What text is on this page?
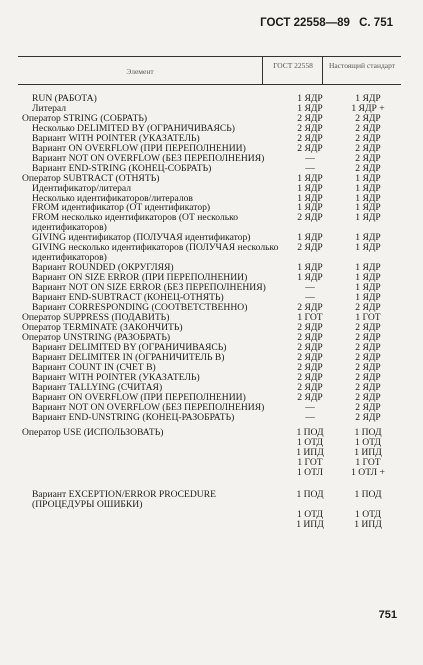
ГОСТ 22558—89 С. 751
Элемент
ГОСТ 22558	Настоящий стандарт
RUN (РАБОТА)	1 ЯДР	1 ЯДР
Литерал	1 ЯДР	1 ЯДР +
Оператор STRING (СОБРАТЬ)	2 ЯДР	2 ЯДР
Несколько DELIMITED BY (ОГРАНИЧИВАЯСЬ)	2 ЯДР	2 ЯДР
Вариант WITH POINTER (УКАЗАТЕЛЬ)	2 ЯДР	2 ЯДР
Вариант ON OVERFLOW (ПРИ ПЕРЕПОЛНЕНИИ)	2 ЯДР	2 ЯДР
Вариант NOT ON OVERFLOW (БЕЗ ПЕРЕПОЛНЕНИЯ)	—	2 ЯДР
Вариант END-STRING (КОНЕЦ-СОБРАТЬ)	—	2 ЯДР
Оператор SUBTRACT (ОТНЯТЬ)	1 ЯДР	1 ЯДР
Идентификатор/литерал	1 ЯДР	1 ЯДР
Несколько идентификаторов/литералов	1 ЯДР	1 ЯДР
FROM идентификатор (ОТ идентификатор)	1 ЯДР	1 ЯДР
FROM несколько идентификаторов (ОТ несколько идентификаторов)
2 ЯДР	1 ЯДР
GIVING идентификатор (ПОЛУЧАЯ идентификатор)	1 ЯДР	1 ЯДР
GIVING несколько идентификаторов (ПОЛУЧАЯ несколько идентификаторов)
2 ЯДР	1 ЯДР
Вариант ROUNDED (ОКРУГЛЯЯ)	1 ЯДР	1 ЯДР
Вариант ON SIZE ERROR (ПРИ ПЕРЕПОЛНЕНИИ)	1 ЯДР	1 ЯДР
Вариант NOT ON SIZE ERROR (БЕЗ ПЕРЕПОЛНЕНИЯ)	—	1 ЯДР
Вариант END-SUBTRACT (КОНЕЦ-ОТНЯТЬ)	—	1 ЯДР
Вариант CORRESPONDING (СООТВЕТСТВЕННО)	2 ЯДР	2 ЯДР
Оператор SUPPRESS (ПОДАВИТЬ)	1 ГОТ	1 ГОТ
Оператор TERMINATE (ЗАКОНЧИТЬ)	2 ЯДР	2 ЯДР
Оператор UNSTRING (РАЗОБРАТЬ)	2 ЯДР	2 ЯДР
Вариант DELIMITED BY (ОГРАНИЧИВАЯСЬ)	2 ЯДР	2 ЯДР
Вариант DELIMITER IN (ОГРАНИЧИТЕЛЬ В)	2 ЯДР	2 ЯДР
Вариант COUNT IN (СЧЕТ В)	2 ЯДР	2 ЯДР
Вариант WITH POINTER (УКАЗАТЕЛЬ)	2 ЯДР	2 ЯДР
Вариант TALLYING (СЧИТАЯ)	2 ЯДР	2 ЯДР
Вариант ON OVERFLOW (ПРИ ПЕРЕПОЛНЕНИИ)	2 ЯДР	2 ЯДР
Вариант NOT ON OVERFLOW (БЕЗ ПЕРЕПОЛНЕНИЯ)	—	2 ЯДР
Вариант END-UNSTRING (КОНЕЦ-РАЗОБРАТЬ)	—	2 ЯДР
Оператор USE (ИСПОЛЬЗОВАТЬ)	1 ПОД	1 ПОД
1 ОТД	1 ОТД
1 ИПД	1 ИПД
1 ГОТ	1 ГОТ
1 ОТЛ	1 ОТЛ +
Вариант EXCEPTION/ERROR PROCEDURE (ПРОЦЕДУРЫ ОШИБКИ)
1 ПОД	1 ПОД
1 ОТД	1 ОТД
1 ИПД	1 ИПД
751
